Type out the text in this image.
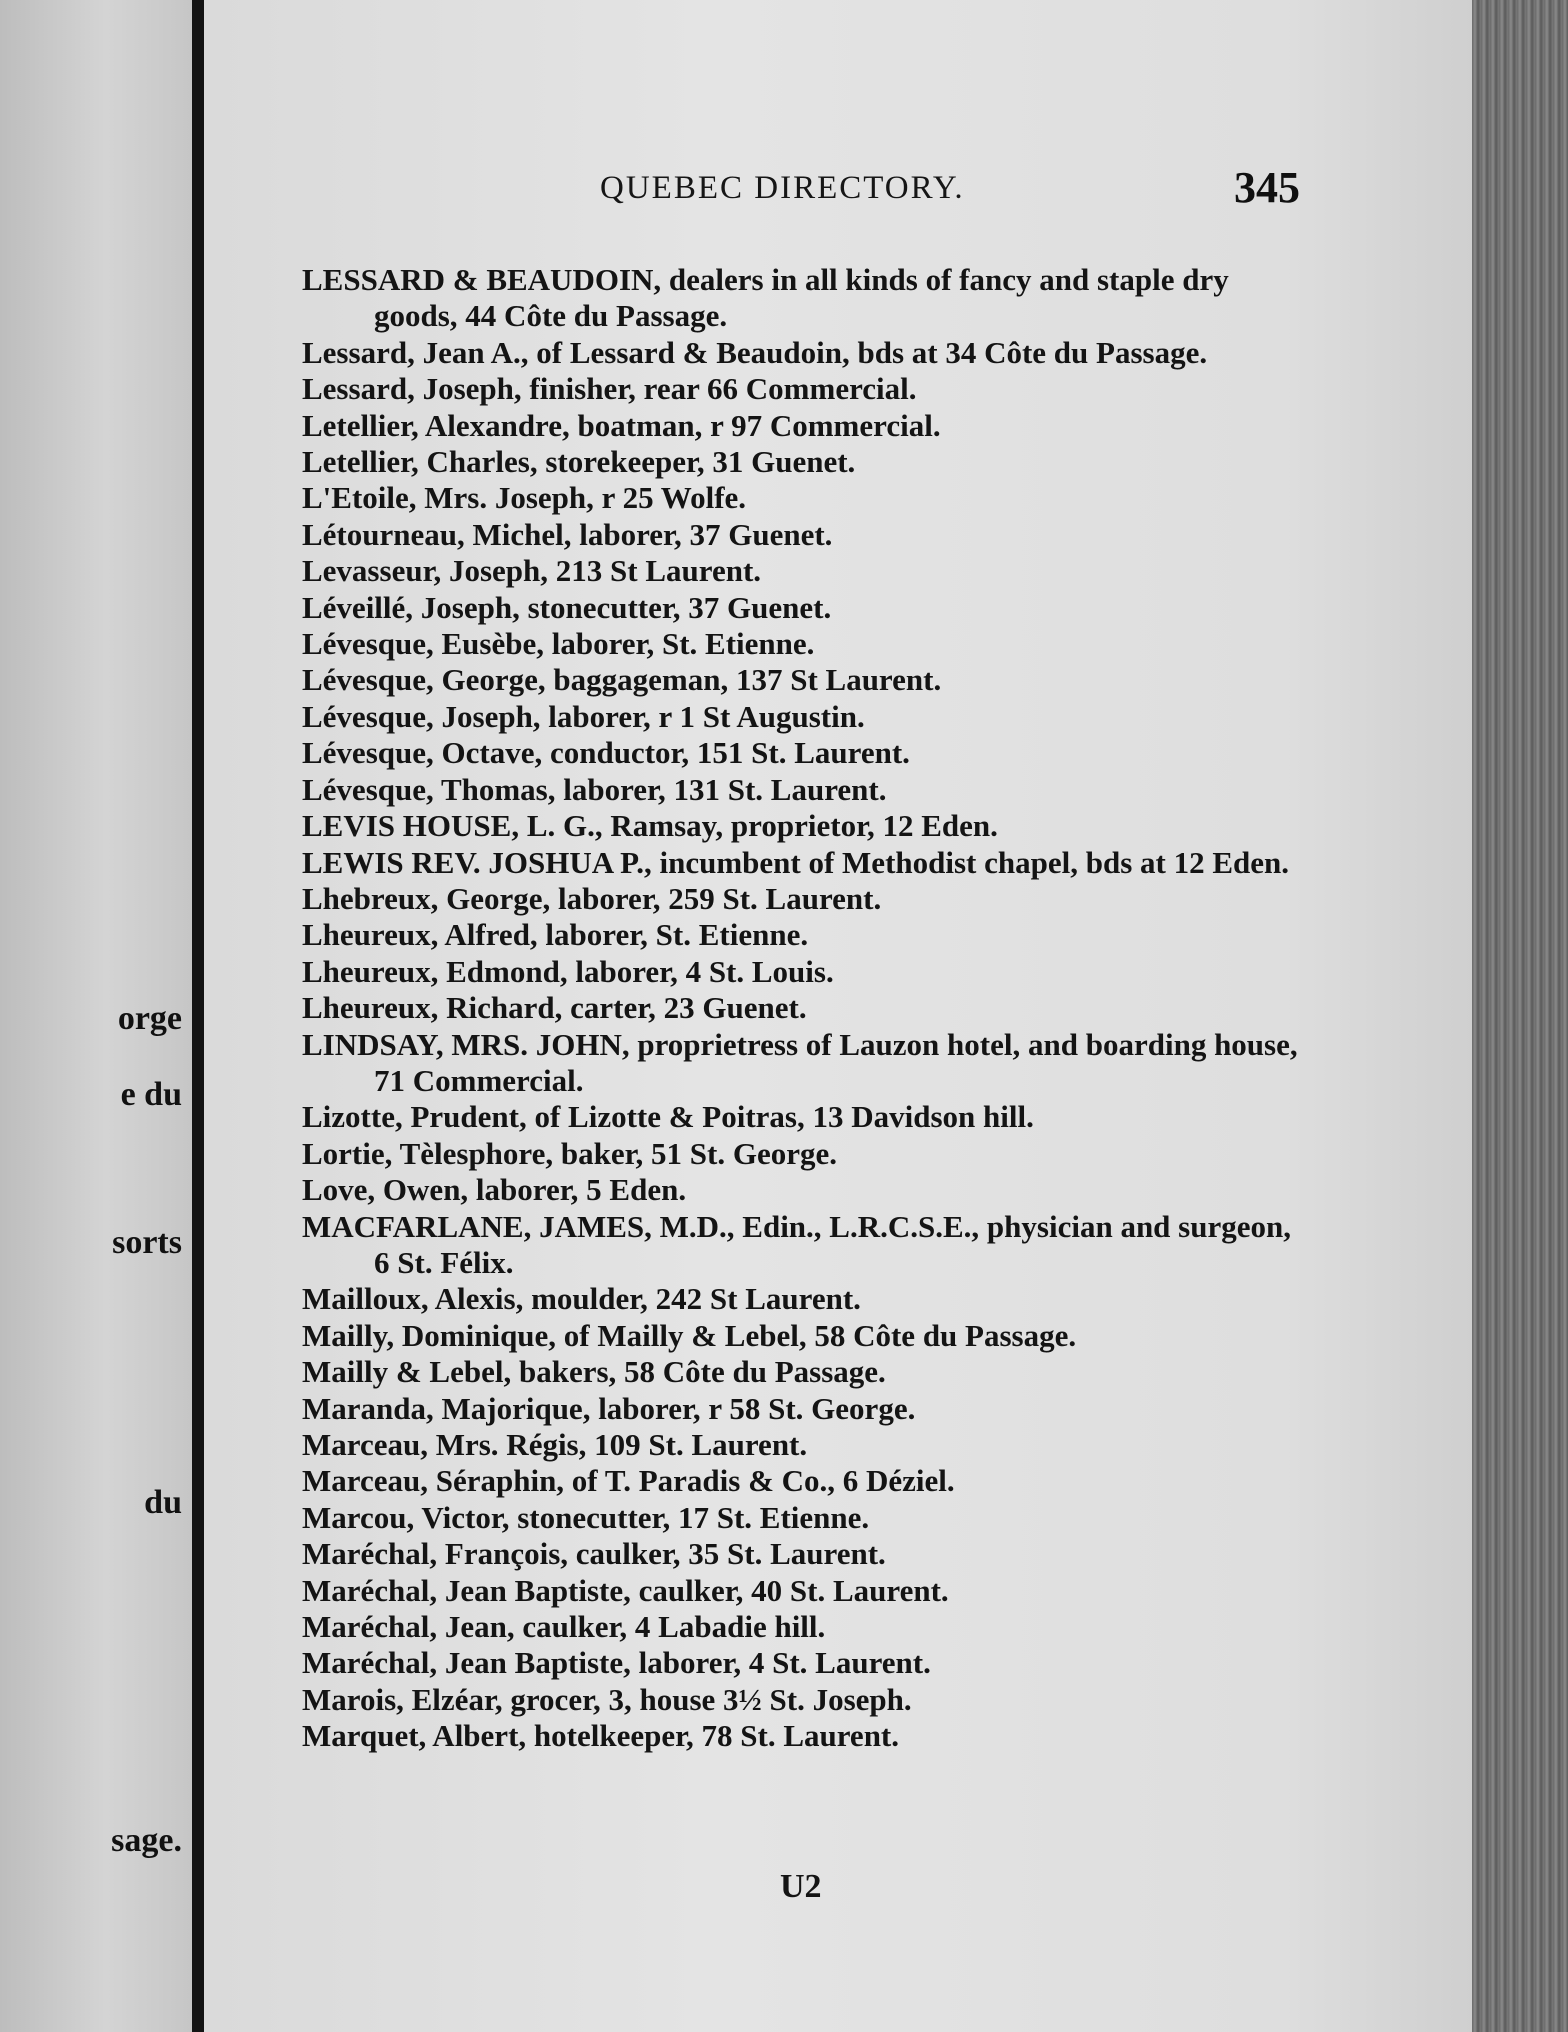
orge
e du
sorts
du
sage.
QUEBEC DIRECTORY.	345
LESSARD & BEAUDOIN, dealers in all kinds of fancy and staple dry goods, 44 Côte du Passage.
Lessard, Jean A., of Lessard & Beaudoin, bds at 34 Côte du Passage.
Lessard, Joseph, finisher, rear 66 Commercial.
Letellier, Alexandre, boatman, r 97 Commercial.
Letellier, Charles, storekeeper, 31 Guenet.
L'Etoile, Mrs. Joseph, r 25 Wolfe.
Létourneau, Michel, laborer, 37 Guenet.
Levasseur, Joseph, 213 St Laurent.
Léveillé, Joseph, stonecutter, 37 Guenet.
Lévesque, Eusèbe, laborer, St. Etienne.
Lévesque, George, baggageman, 137 St Laurent.
Lévesque, Joseph, laborer, r 1 St Augustin.
Lévesque, Octave, conductor, 151 St. Laurent.
Lévesque, Thomas, laborer, 131 St. Laurent.
LEVIS HOUSE, L. G., Ramsay, proprietor, 12 Eden.
LEWIS REV. JOSHUA P., incumbent of Methodist chapel, bds at 12 Eden.
Lhebreux, George, laborer, 259 St. Laurent.
Lheureux, Alfred, laborer, St. Etienne.
Lheureux, Edmond, laborer, 4 St. Louis.
Lheureux, Richard, carter, 23 Guenet.
LINDSAY, MRS. JOHN, proprietress of Lauzon hotel, and boarding house, 71 Commercial.
Lizotte, Prudent, of Lizotte & Poitras, 13 Davidson hill.
Lortie, Tèlesphore, baker, 51 St. George.
Love, Owen, laborer, 5 Eden.
MACFARLANE, JAMES, M.D., Edin., L.R.C.S.E., physician and surgeon, 6 St. Félix.
Mailloux, Alexis, moulder, 242 St Laurent.
Mailly, Dominique, of Mailly & Lebel, 58 Côte du Passage.
Mailly & Lebel, bakers, 58 Côte du Passage.
Maranda, Majorique, laborer, r 58 St. George.
Marceau, Mrs. Régis, 109 St. Laurent.
Marceau, Séraphin, of T. Paradis & Co., 6 Déziel.
Marcou, Victor, stonecutter, 17 St. Etienne.
Maréchal, François, caulker, 35 St. Laurent.
Maréchal, Jean Baptiste, caulker, 40 St. Laurent.
Maréchal, Jean, caulker, 4 Labadie hill.
Maréchal, Jean Baptiste, laborer, 4 St. Laurent.
Marois, Elzéar, grocer, 3, house 3½ St. Joseph.
Marquet, Albert, hotelkeeper, 78 St. Laurent.
U2
